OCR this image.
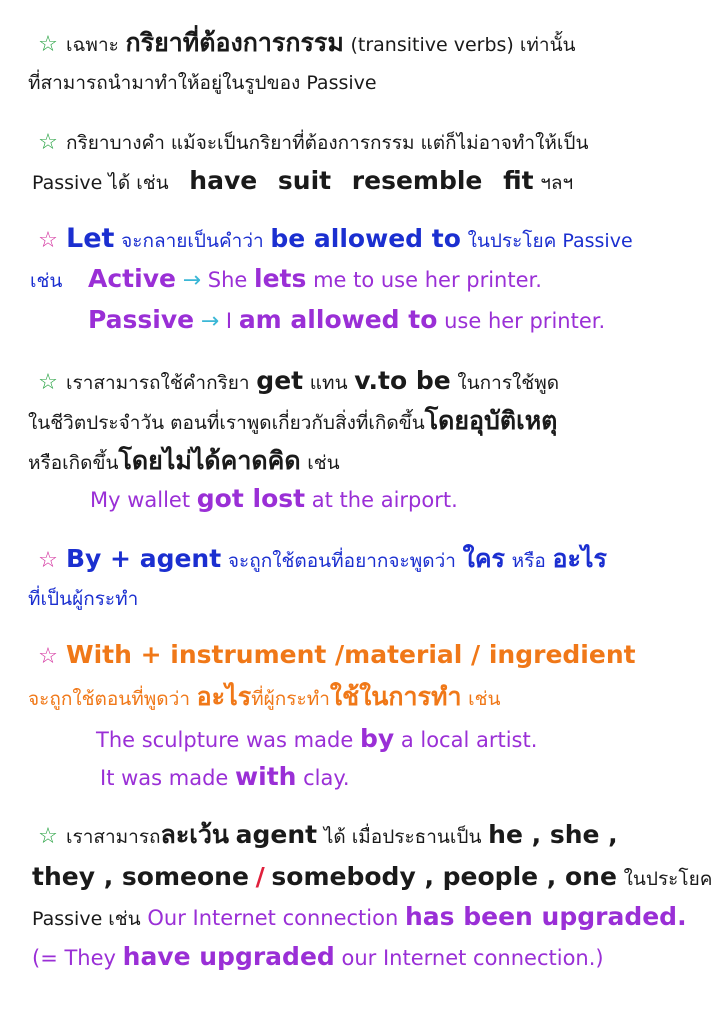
☆ เฉพาะ กริยาที่ต้องการกรรม (transitive verbs) เท่านั้น
ที่สามารถนำมาทำให้อยู่ในรูปของ Passive
☆ กริยาบางคำ แม้จะเป็นกริยาที่ต้องการกรรม แต่ก็ไม่อาจทำให้เป็น
Passive ได้ เช่น have suit resemble fit ฯลฯ
☆ Let จะกลายเป็นคำว่า be allowed to ในประโยค Passive
เช่น Active → She lets me to use her printer.
Passive → I am allowed to use her printer.
☆ เราสามารถใช้คำกริยา get แทน v.to be ในการใช้พูด
ในชีวิตประจำวัน ตอนที่เราพูดเกี่ยวกับสิ่งที่เกิดขึ้นโดยอุบัติเหตุ
หรือเกิดขึ้นโดยไม่ได้คาดคิด เช่น
My wallet got lost at the airport.
☆ By + agent จะถูกใช้ตอนที่อยากจะพูดว่า ใคร หรือ อะไร
ที่เป็นผู้กระทำ
☆ With + instrument /material / ingredient
จะถูกใช้ตอนที่พูดว่า อะไรที่ผู้กระทำใช้ในการทำ เช่น
The sculpture was made by a local artist.
It was made with clay.
☆ เราสามารถละเว้น agent ได้ เมื่อประธานเป็น he , she ,
they , someone / somebody , people , one ในประโยค
Passive เช่น Our Internet connection has been upgraded.
(= They have upgraded our Internet connection.)
